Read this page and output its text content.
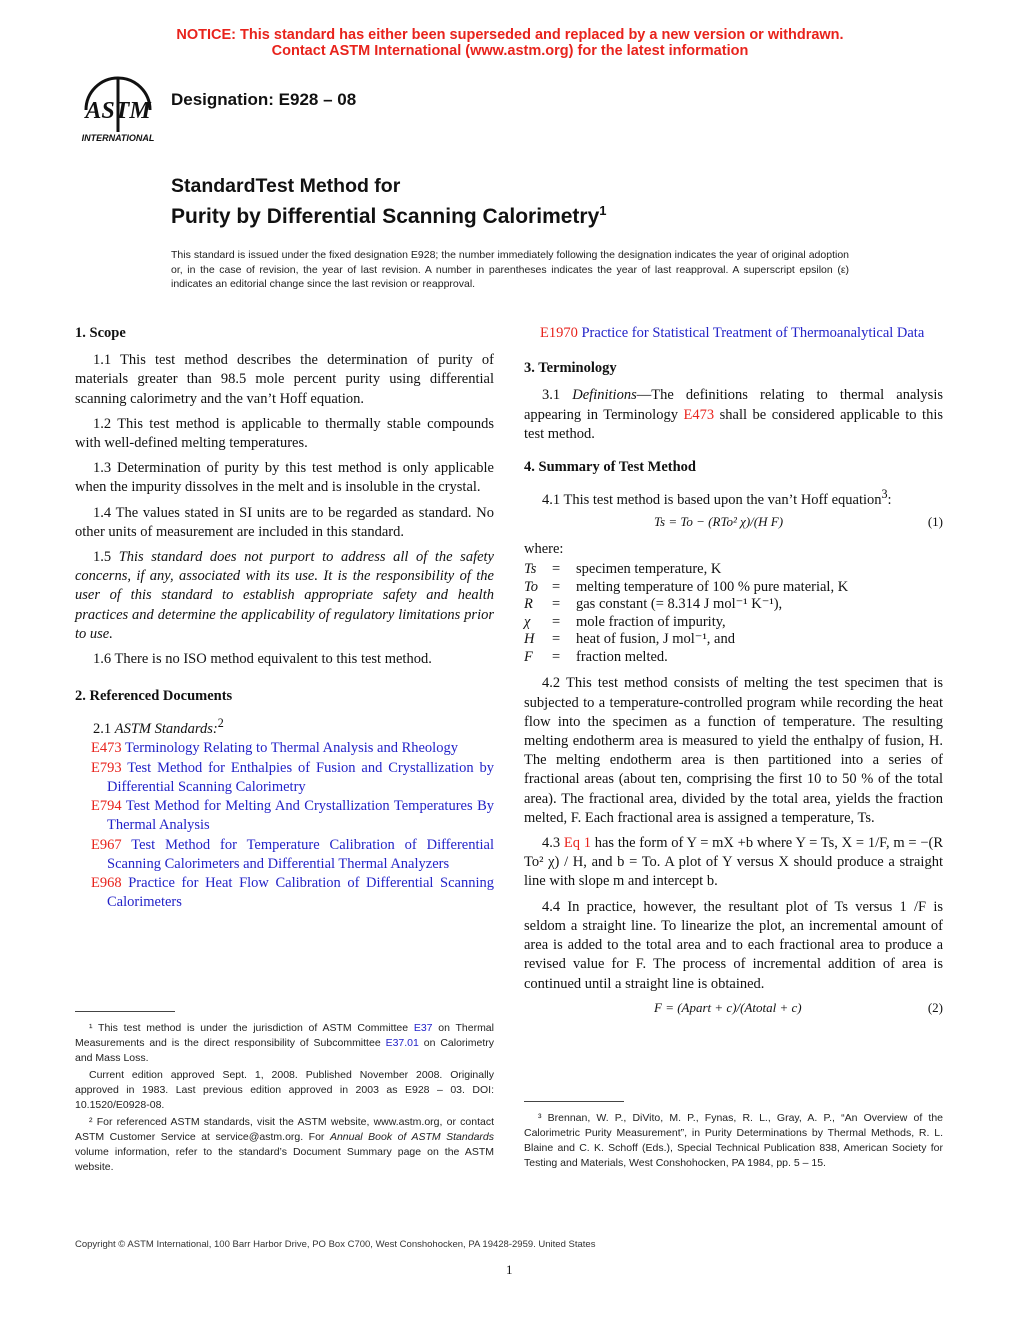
NOTICE: This standard has either been superseded and replaced by a new version or withdrawn.
Contact ASTM International (www.astm.org) for the latest information
ASTM
INTERNATIONAL
Designation: E928 – 08
StandardTest Method for
Purity by Differential Scanning Calorimetry$^1$
This standard is issued under the fixed designation E928; the number immediately following the designation indicates the year of original adoption or, in the case of revision, the year of last revision. A number in parentheses indicates the year of last reapproval. A superscript epsilon (ε) indicates an editorial change since the last revision or reapproval.
1. Scope

1.1 This test method describes the determination of purity of materials greater than 98.5 mole percent purity using differential scanning calorimetry and the van’t Hoff equation.

1.2 This test method is applicable to thermally stable compounds with well-defined melting temperatures.

1.3 Determination of purity by this test method is only applicable when the impurity dissolves in the melt and is insoluble in the crystal.

1.4 The values stated in SI units are to be regarded as standard. No other units of measurement are included in this standard.

1.5 This standard does not purport to address all of the safety concerns, if any, associated with its use. It is the responsibility of the user of this standard to establish appropriate safety and health practices and determine the applicability of regulatory limitations prior to use.

1.6 There is no ISO method equivalent to this test method.

2. Referenced Documents

2.1 ASTM Standards:$^2$

E473 Terminology Relating to Thermal Analysis and Rheology

E793 Test Method for Enthalpies of Fusion and Crystallization by Differential Scanning Calorimetry

E794 Test Method for Melting And Crystallization Temperatures By Thermal Analysis

E967 Test Method for Temperature Calibration of Differential Scanning Calorimeters and Differential Thermal Analyzers

E968 Practice for Heat Flow Calibration of Differential Scanning Calorimeters

¹ This test method is under the jurisdiction of ASTM Committee E37 on Thermal Measurements and is the direct responsibility of Subcommittee E37.01 on Calorimetry and Mass Loss.

Current edition approved Sept. 1, 2008. Published November 2008. Originally approved in 1983. Last previous edition approved in 2003 as E928 – 03. DOI: 10.1520/E0928-08.

² For referenced ASTM standards, visit the ASTM website, www.astm.org, or contact ASTM Customer Service at service@astm.org. For Annual Book of ASTM Standards volume information, refer to the standard’s Document Summary page on the ASTM website.

E1970 Practice for Statistical Treatment of Thermoanalytical Data

3. Terminology

3.1 Definitions—The definitions relating to thermal analysis appearing in Terminology E473 shall be considered applicable to this test method.

4. Summary of Test Method

4.1 This test method is based upon the van’t Hoff equation$^3$:

Ts = To − (RTo² χ)/(H F)	(1)

where:

Ts	=	specimen temperature, K
To	=	melting temperature of 100 % pure material, K
R	=	gas constant (= 8.314 J mol⁻¹ K⁻¹),
χ	=	mole fraction of impurity,
H	=	heat of fusion, J mol⁻¹, and
F	=	fraction melted.

4.2 This test method consists of melting the test specimen that is subjected to a temperature-controlled program while recording the heat flow into the specimen as a function of temperature. The resulting melting endotherm area is measured to yield the enthalpy of fusion, H. The melting endotherm area is then partitioned into a series of fractional areas (about ten, comprising the first 10 to 50 % of the total area). The fractional area, divided by the total area, yields the fraction melted, F. Each fractional area is assigned a temperature, Ts.

4.3 Eq 1 has the form of Y = mX +b where Y = Ts, X = 1/F, m = −(R To² χ) / H, and b = To. A plot of Y versus X should produce a straight line with slope m and intercept b.

4.4 In practice, however, the resultant plot of Ts versus 1 /F is seldom a straight line. To linearize the plot, an incremental amount of area is added to the total area and to each fractional area to produce a revised value for F. The process of incremental addition of area is continued until a straight line is obtained.

F = (Apart + c)/(Atotal + c)	(2)

³ Brennan, W. P., DiVito, M. P., Fynas, R. L., Gray, A. P., “An Overview of the Calorimetric Purity Measurement”, in Purity Determinations by Thermal Methods, R. L. Blaine and C. K. Schoff (Eds.), Special Technical Publication 838, American Society for Testing and Materials, West Conshohocken, PA 1984, pp. 5 – 15.

Copyright © ASTM International, 100 Barr Harbor Drive, PO Box C700, West Conshohocken, PA 19428-2959. United States
1
